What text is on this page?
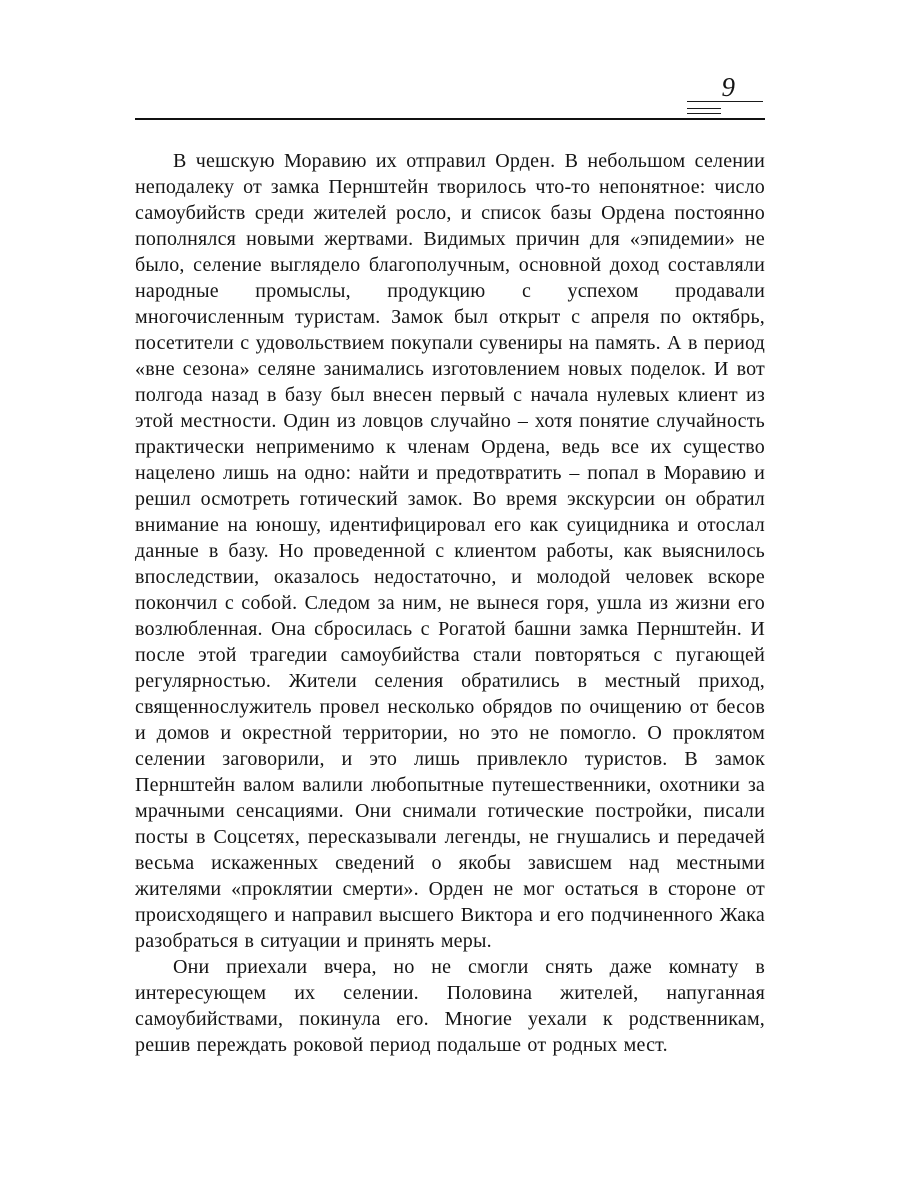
9

В чешскую Моравию их отправил Орден. В небольшом селении неподалеку от замка Пернштейн творилось что-то непонятное: число самоубийств среди жителей росло, и список базы Ордена постоянно пополнялся новыми жертвами. Видимых причин для «эпидемии» не было, селение выглядело благополучным, основной доход составляли народные промыслы, продукцию с успехом продавали многочисленным туристам. Замок был открыт с апреля по октябрь, посетители с удовольствием покупали сувениры на память. А в период «вне сезона» селяне занимались изготовлением новых поделок. И вот полгода назад в базу был внесен первый с начала нулевых клиент из этой местности. Один из ловцов случайно – хотя понятие случайность практически неприменимо к членам Ордена, ведь все их существо нацелено лишь на одно: найти и предотвратить – попал в Моравию и решил осмотреть готический замок. Во время экскурсии он обратил внимание на юношу, идентифицировал его как суицидника и отослал данные в базу. Но проведенной с клиентом работы, как выяснилось впоследствии, оказалось недостаточно, и молодой человек вскоре покончил с собой. Следом за ним, не вынеся горя, ушла из жизни его возлюбленная. Она сбросилась с Рогатой башни замка Пернштейн. И после этой трагедии самоубийства стали повторяться с пугающей регулярностью. Жители селения обратились в местный приход, священнослужитель провел несколько обрядов по очищению от бесов и домов и окрестной территории, но это не помогло. О проклятом селении заговорили, и это лишь привлекло туристов. В замок Пернштейн валом валили любопытные путешественники, охотники за мрачными сенсациями. Они снимали готические постройки, писали посты в Соцсетях, пересказывали легенды, не гнушались и передачей весьма искаженных сведений о якобы зависшем над местными жителями «проклятии смерти». Орден не мог остаться в стороне от происходящего и направил высшего Виктора и его подчиненного Жака разобраться в ситуации и принять меры.

Они приехали вчера, но не смогли снять даже комнату в интересующем их селении. Половина жителей, напуганная самоубийствами, покинула его. Многие уехали к родственникам, решив переждать роковой период подальше от родных мест.
